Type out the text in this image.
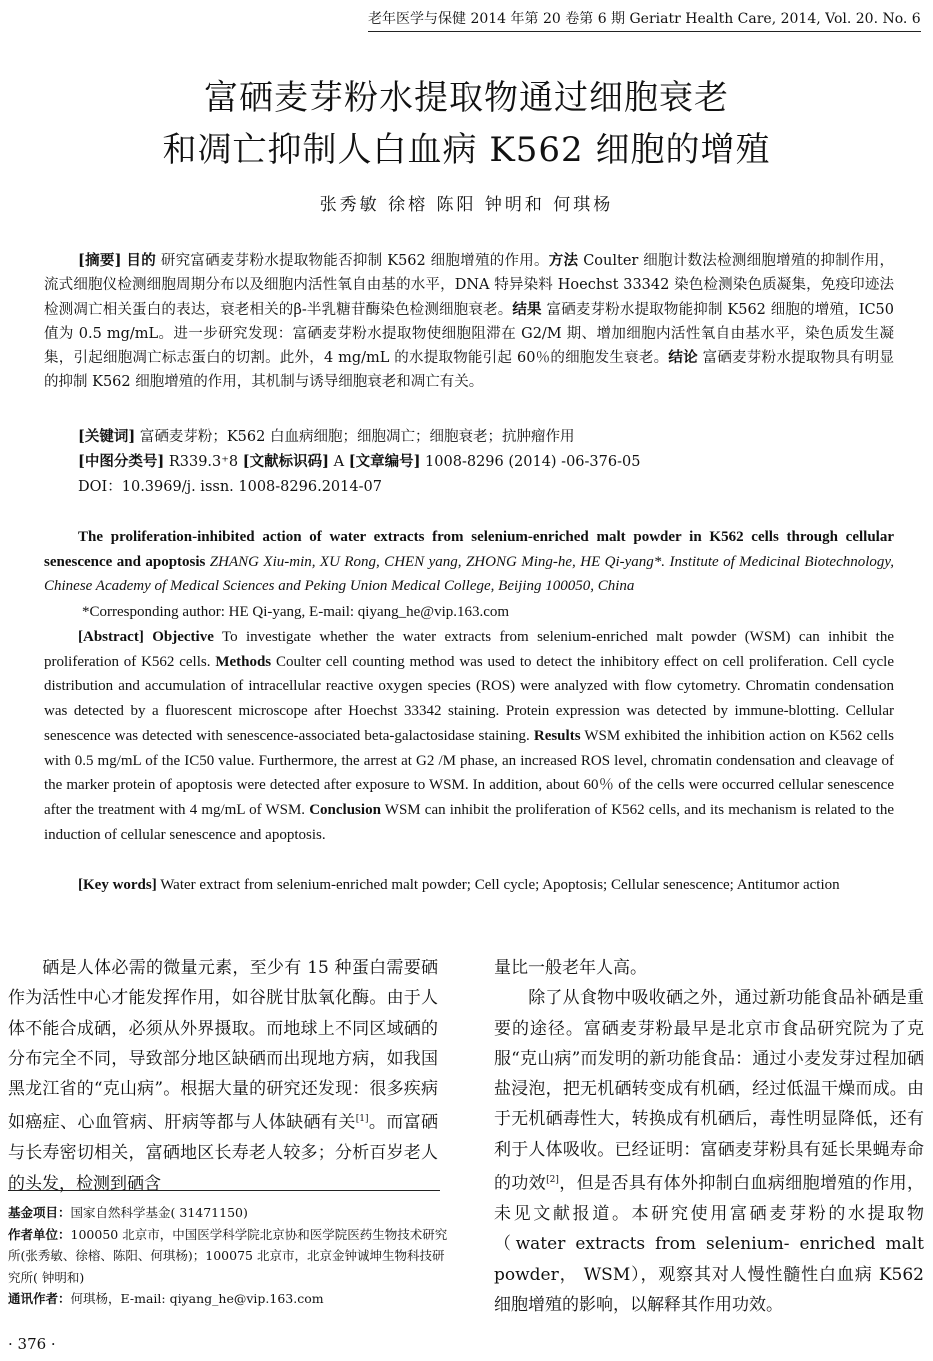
老年医学与保健 2014 年第 20 卷第 6 期 Geriatr Health Care, 2014, Vol. 20. No. 6
富硒麦芽粉水提取物通过细胞衰老
和凋亡抑制人白血病 K562 细胞的增殖
张秀敏 徐榕 陈阳 钟明和 何琪杨
[摘要] 目的 研究富硒麦芽粉水提取物能否抑制 K562 细胞增殖的作用。方法 Coulter 细胞计数法检测细胞增殖的抑制作用，流式细胞仪检测细胞周期分布以及细胞内活性氧自由基的水平，DNA 特异染料 Hoechst 33342 染色检测染色质凝集，免疫印迹法检测凋亡相关蛋白的表达，衰老相关的β-半乳糖苷酶染色检测细胞衰老。结果 富硒麦芽粉水提取物能抑制 K562 细胞的增殖，IC50 值为 0.5 mg/mL。进一步研究发现：富硒麦芽粉水提取物使细胞阻滞在 G2/M 期、增加细胞内活性氧自由基水平，染色质发生凝集，引起细胞凋亡标志蛋白的切割。此外，4 mg/mL 的水提取物能引起 60％的细胞发生衰老。结论 富硒麦芽粉水提取物具有明显的抑制 K562 细胞增殖的作用，其机制与诱导细胞衰老和凋亡有关。
[关键词] 富硒麦芽粉；K562 白血病细胞；细胞凋亡；细胞衰老；抗肿瘤作用
[中图分类号] R339.3⁺8 [文献标识码] A [文章编号] 1008-8296 (2014) -06-376-05
DOI：10.3969/j. issn. 1008-8296.2014-07
The proliferation-inhibited action of water extracts from selenium-enriched malt powder in K562 cells through cellular senescence and apoptosis ZHANG Xiu-min, XU Rong, CHEN yang, ZHONG Ming-he, HE Qi-yang*. Institute of Medicinal Biotechnology, Chinese Academy of Medical Sciences and Peking Union Medical College, Beijing 100050, China
*Corresponding author: HE Qi-yang, E-mail: qiyang_he@vip.163.com
[Abstract] Objective To investigate whether the water extracts from selenium-enriched malt powder (WSM) can inhibit the proliferation of K562 cells. Methods Coulter cell counting method was used to detect the inhibitory effect on cell proliferation. Cell cycle distribution and accumulation of intracellular reactive oxygen species (ROS) were analyzed with flow cytometry. Chromatin condensation was detected by a fluorescent microscope after Hoechst 33342 staining. Protein expression was detected by immune-blotting. Cellular senescence was detected with senescence-associated beta-galactosidase staining. Results WSM exhibited the inhibition action on K562 cells with 0.5 mg/mL of the IC50 value. Furthermore, the arrest at G2 /M phase, an increased ROS level, chromatin condensation and cleavage of the marker protein of apoptosis were detected after exposure to WSM. In addition, about 60％ of the cells were occurred cellular senescence after the treatment with 4 mg/mL of WSM. Conclusion WSM can inhibit the proliferation of K562 cells, and its mechanism is related to the induction of cellular senescence and apoptosis.
[Key words] Water extract from selenium-enriched malt powder; Cell cycle; Apoptosis; Cellular senescence; Antitumor action
硒是人体必需的微量元素，至少有 15 种蛋白需要硒作为活性中心才能发挥作用，如谷胱甘肽氧化酶。由于人体不能合成硒，必须从外界摄取。而地球上不同区域硒的分布完全不同，导致部分地区缺硒而出现地方病，如我国黑龙江省的“克山病”。根据大量的研究还发现：很多疾病如癌症、心血管病、肝病等都与人体缺硒有关[1]。而富硒与长寿密切相关，富硒地区长寿老人较多；分析百岁老人的头发，检测到硒含
量比一般老年人高。
除了从食物中吸收硒之外，通过新功能食品补硒是重要的途径。富硒麦芽粉最早是北京市食品研究院为了克服“克山病”而发明的新功能食品：通过小麦发芽过程加硒盐浸泡，把无机硒转变成有机硒，经过低温干燥而成。由于无机硒毒性大，转换成有机硒后，毒性明显降低，还有利于人体吸收。已经证明：富硒麦芽粉具有延长果蝇寿命的功效[2]，但是否具有体外抑制白血病细胞增殖的作用，未见文献报道。本研究使用富硒麦芽粉的水提取物（water extracts from selenium- enriched malt powder， WSM），观察其对人慢性髓性白血病 K562 细胞增殖的影响，以解释其作用功效。
基金项目：国家自然科学基金( 31471150)
作者单位：100050 北京市，中国医学科学院北京协和医学院医药生物技术研究所(张秀敏、徐榕、陈阳、何琪杨)；100075 北京市，北京金钟诚坤生物科技研究所( 钟明和)
通讯作者：何琪杨，E-mail: qiyang_he@vip.163.com
· 376 ·
